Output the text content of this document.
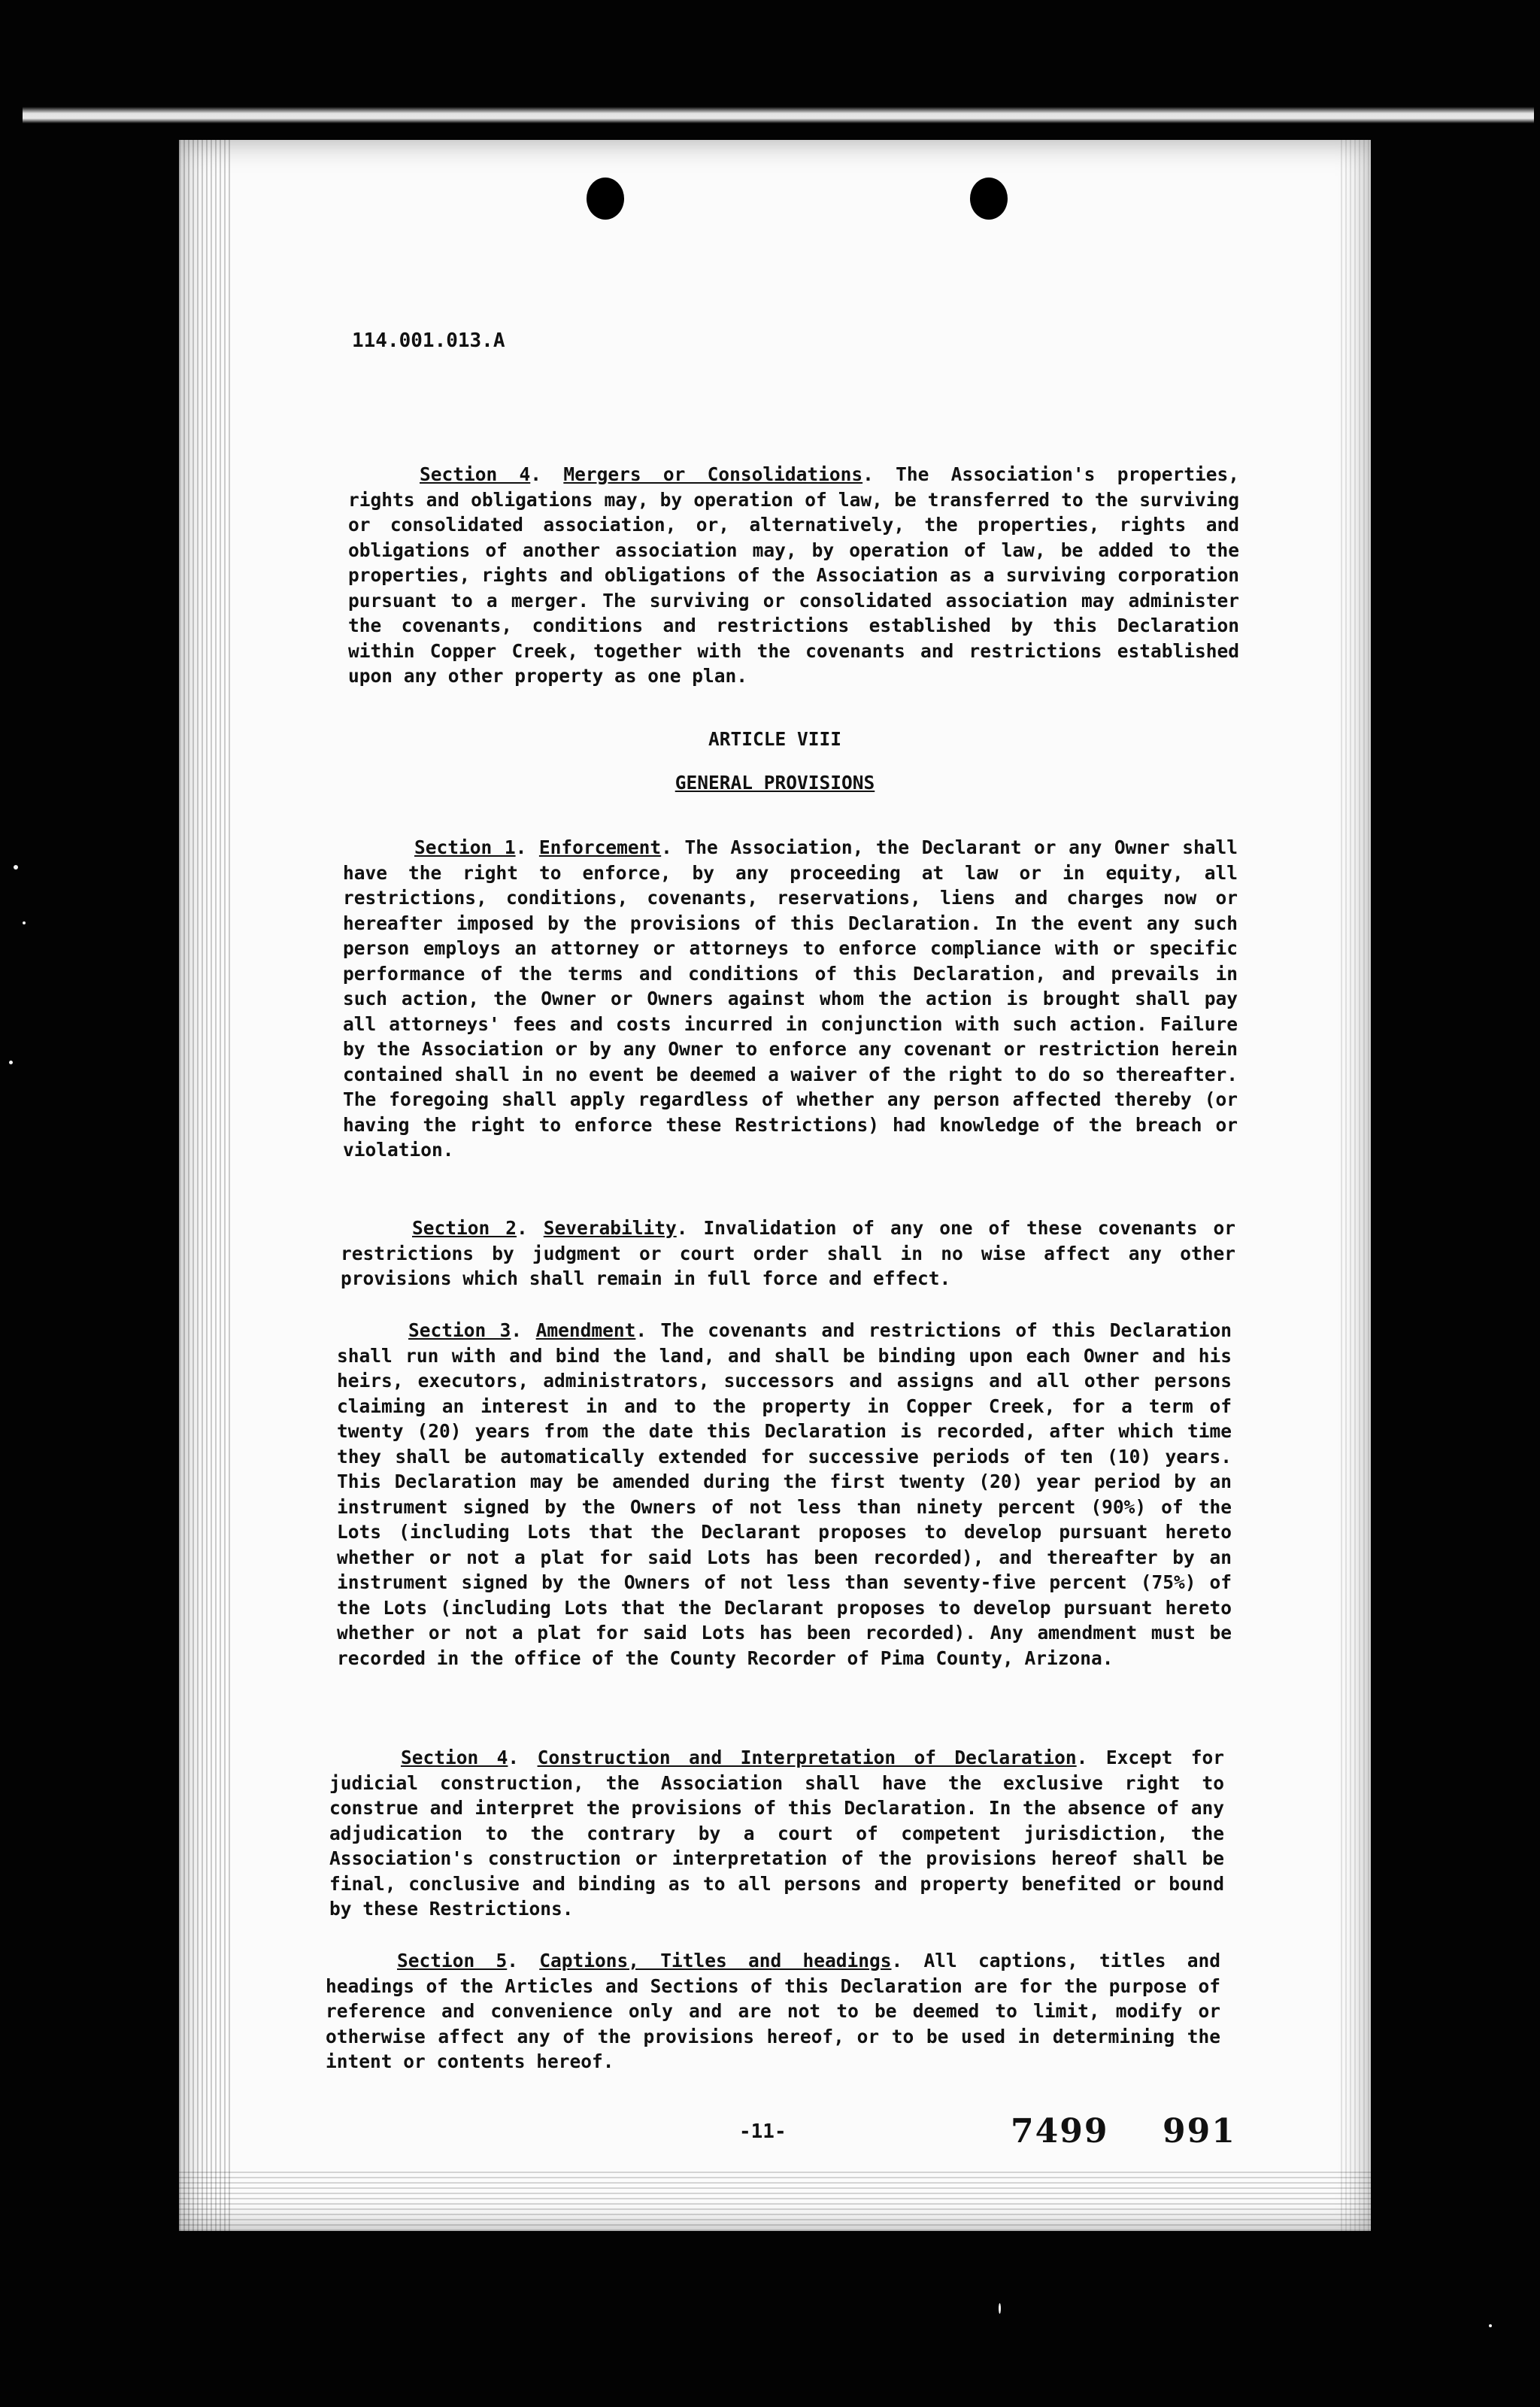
114.001.013.A
Section 4. Mergers or Consolidations. The Association's properties, rights and obligations may, by operation of law, be transferred to the surviving or consolidated association, or, alternatively, the properties, rights and obligations of another association may, by operation of law, be added to the properties, rights and obligations of the Association as a surviving corporation pursuant to a merger. The surviving or consolidated association may administer the covenants, conditions and restrictions established by this Declaration within Copper Creek, together with the covenants and restrictions established upon any other property as one plan.
ARTICLE VIII
GENERAL PROVISIONS
Section 1. Enforcement. The Association, the Declarant or any Owner shall have the right to enforce, by any proceeding at law or in equity, all restrictions, conditions, covenants, reservations, liens and charges now or hereafter imposed by the provisions of this Declaration. In the event any such person employs an attorney or attorneys to enforce compliance with or specific performance of the terms and conditions of this Declaration, and prevails in such action, the Owner or Owners against whom the action is brought shall pay all attorneys' fees and costs incurred in conjunction with such action. Failure by the Association or by any Owner to enforce any covenant or restriction herein contained shall in no event be deemed a waiver of the right to do so thereafter. The foregoing shall apply regardless of whether any person affected thereby (or having the right to enforce these Restrictions) had knowledge of the breach or violation.
Section 2. Severability. Invalidation of any one of these covenants or restrictions by judgment or court order shall in no wise affect any other provisions which shall remain in full force and effect.
Section 3. Amendment. The covenants and restrictions of this Declaration shall run with and bind the land, and shall be binding upon each Owner and his heirs, executors, administrators, successors and assigns and all other persons claiming an interest in and to the property in Copper Creek, for a term of twenty (20) years from the date this Declaration is recorded, after which time they shall be automatically extended for successive periods of ten (10) years. This Declaration may be amended during the first twenty (20) year period by an instrument signed by the Owners of not less than ninety percent (90%) of the Lots (including Lots that the Declarant proposes to develop pursuant hereto whether or not a plat for said Lots has been recorded), and thereafter by an instrument signed by the Owners of not less than seventy-five percent (75%) of the Lots (including Lots that the Declarant proposes to develop pursuant hereto whether or not a plat for said Lots has been recorded). Any amendment must be recorded in the office of the County Recorder of Pima County, Arizona.
Section 4. Construction and Interpretation of Declaration. Except for judicial construction, the Association shall have the exclusive right to construe and interpret the provisions of this Declaration. In the absence of any adjudication to the contrary by a court of competent jurisdiction, the Association's construction or interpretation of the provisions hereof shall be final, conclusive and binding as to all persons and property benefited or bound by these Restrictions.
Section 5. Captions, Titles and headings. All captions, titles and headings of the Articles and Sections of this Declaration are for the purpose of reference and convenience only and are not to be deemed to limit, modify or otherwise affect any of the provisions hereof, or to be used in determining the intent or contents hereof.
-11-	7499 991
